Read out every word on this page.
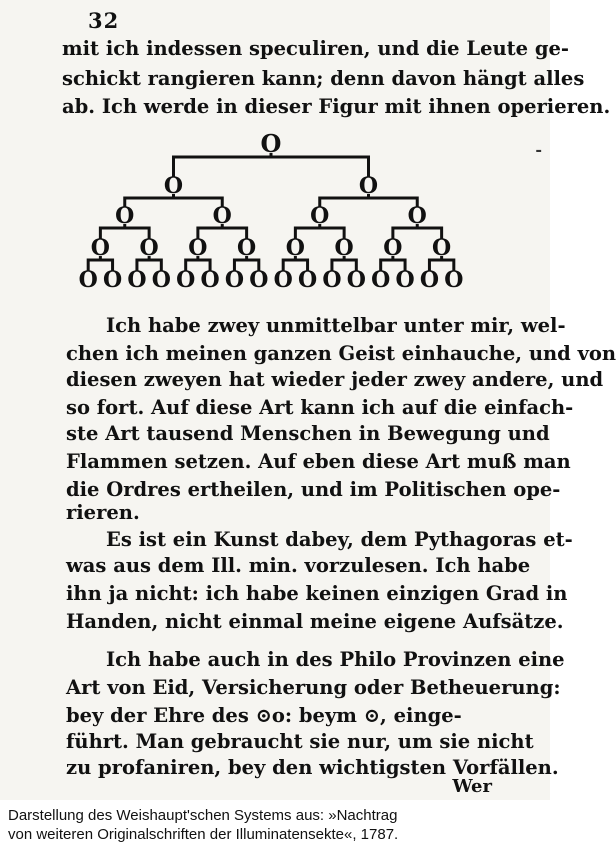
32
mit ich indessen speculiren, und die Leute ge-
schickt rangieren kann; denn davon hängt alles
ab. Ich werde in dieser Figur mit ihnen operieren.
-
O
O	O
O	O	O	O
O O O O O O O O
O O O O O O O O O O O O O O O O
Ich habe zwey unmittelbar unter mir, wel-
chen ich meinen ganzen Geist einhauche, und von
diesen zweyen hat wieder jeder zwey andere, und
so fort. Auf diese Art kann ich auf die einfach-
ste Art tausend Menschen in Bewegung und
Flammen setzen. Auf eben diese Art muß man
die Ordres ertheilen, und im Politischen ope-
rieren.
Es ist ein Kunst dabey, dem Pythagoras et-
was aus dem Ill. min. vorzulesen. Ich habe
ihn ja nicht: ich habe keinen einzigen Grad in
Handen, nicht einmal meine eigene Aufsätze.
Ich habe auch in des Philo Provinzen eine
Art von Eid, Versicherung oder Betheuerung:
bey der Ehre des ⊙o: beym ⊙, einge-
führt. Man gebraucht sie nur, um sie nicht
zu profaniren, bey den wichtigsten Vorfällen.
Wer
Darstellung des Weishaupt'schen Systems aus: »Nachtrag
von weiteren Originalschriften der Illuminatensekte«, 1787.
